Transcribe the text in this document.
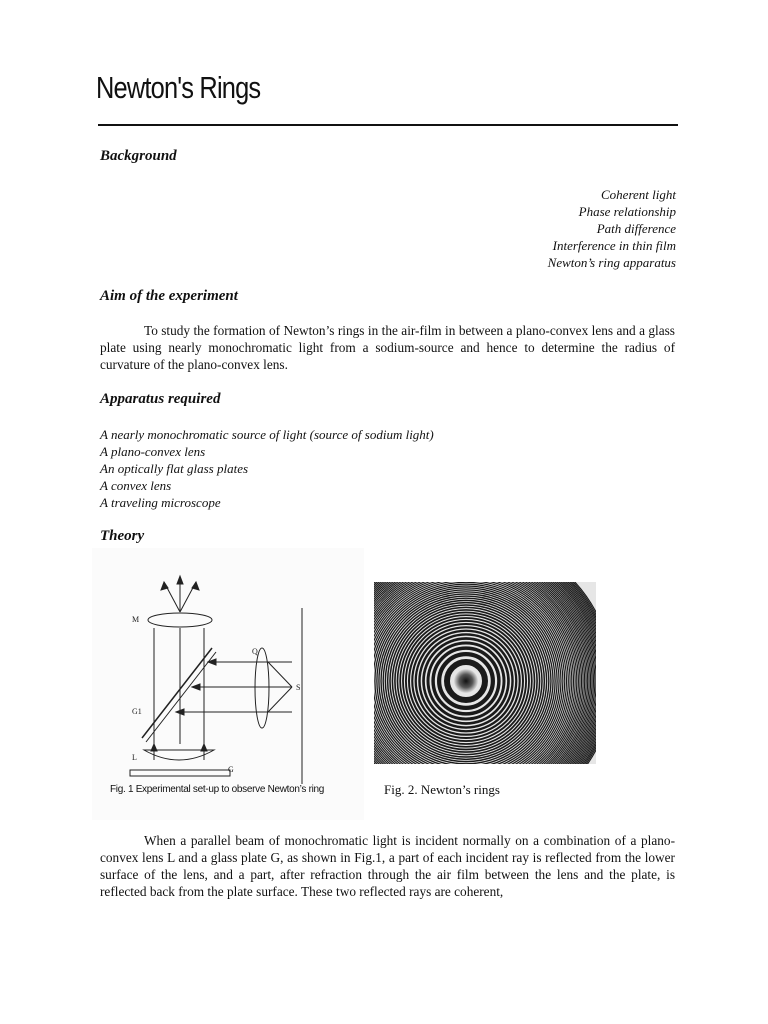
Newton's Rings
Background
Coherent light
Phase relationship
Path difference
Interference in thin film
Newton’s ring apparatus
Aim of the experiment
To study the formation of Newton’s rings in the air-film in between a plano-convex lens and a glass plate using nearly monochromatic light from a sodium-source and hence to determine the radius of curvature of the plano-convex lens.
Apparatus required
A nearly monochromatic source of light (source of sodium light)
A plano-convex lens
An optically flat glass plates
A convex lens
A traveling microscope
Theory
M
G1
L
G
Q
S
Fig. 1 Experimental set-up to observe Newton’s ring	Fig. 2. Newton’s rings
When a parallel beam of monochromatic light is incident normally on a combination of a plano-convex lens L and a glass plate G, as shown in Fig.1, a part of each incident ray is reflected from the lower surface of the lens, and a part, after refraction through the air film between the lens and the plate, is reflected back from the plate surface. These two reflected rays are coherent,
